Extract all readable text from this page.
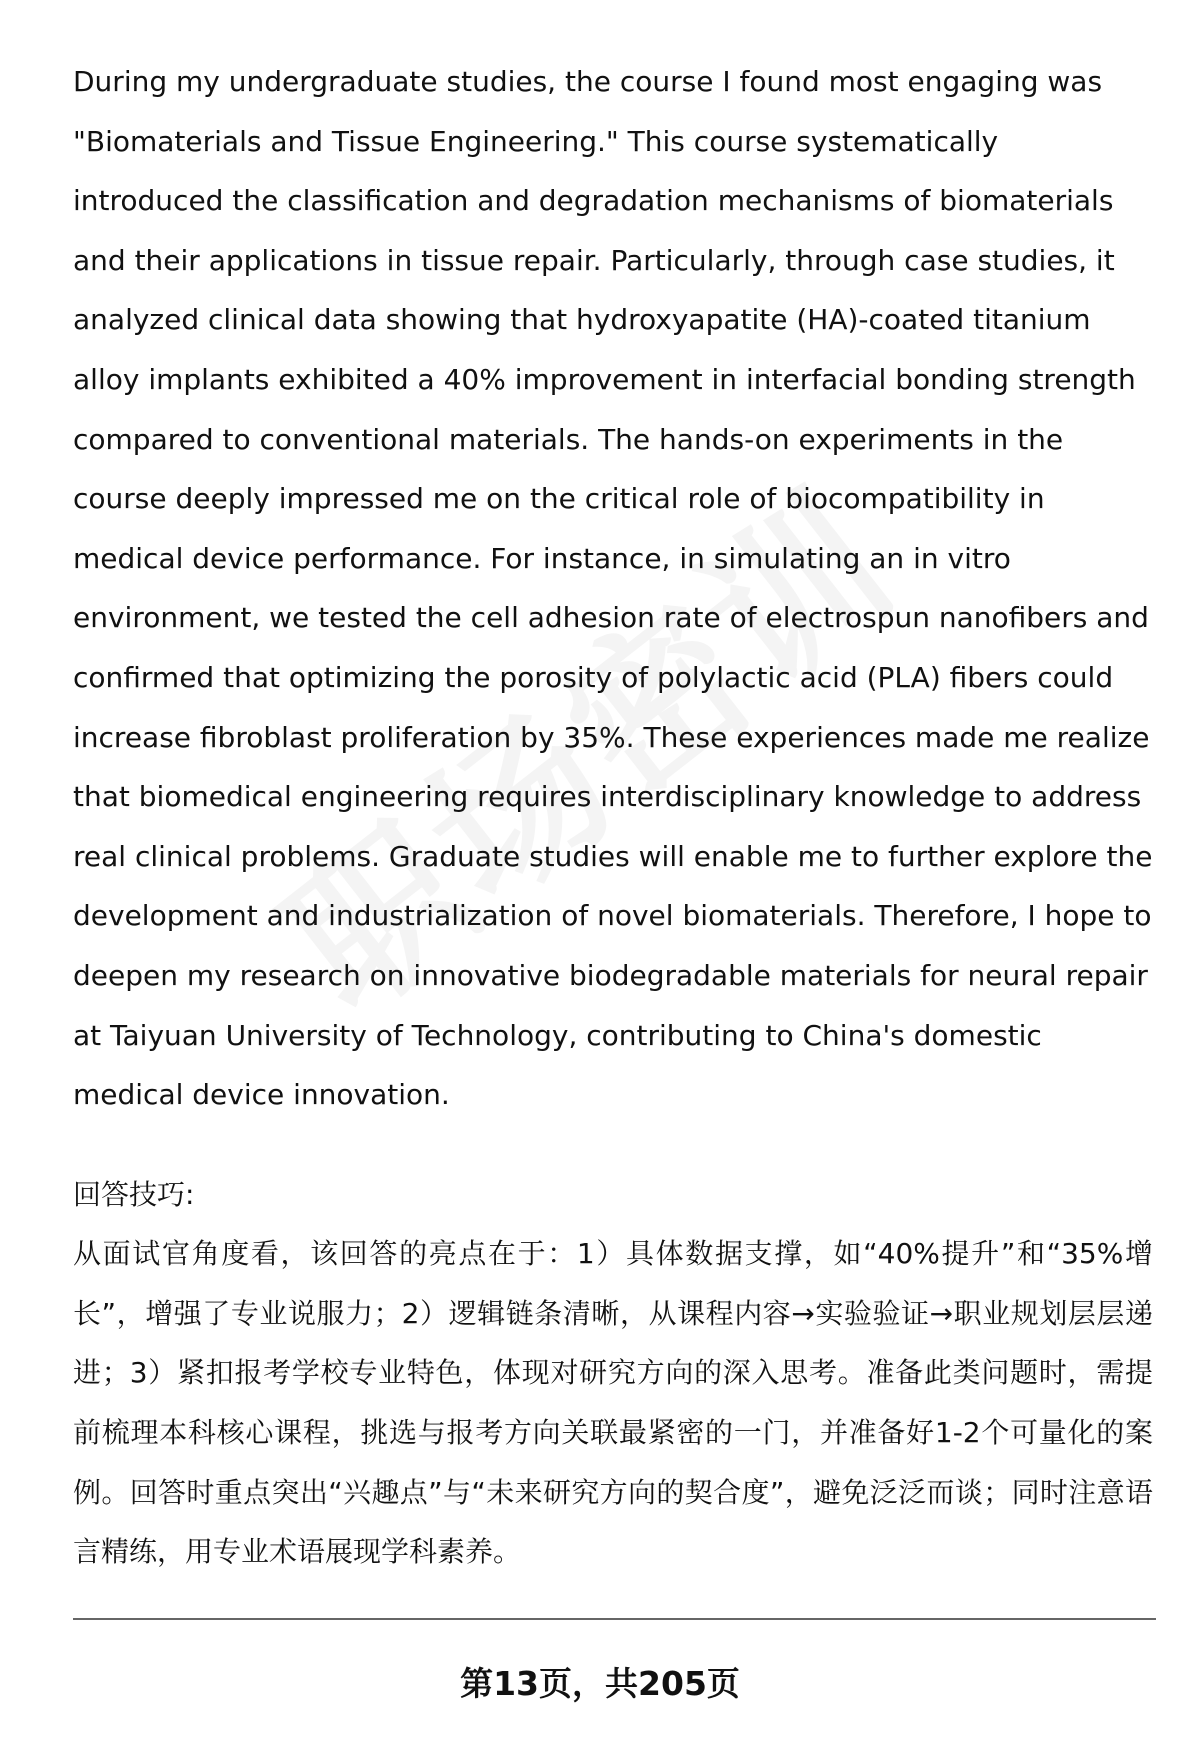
During my undergraduate studies, the course I found most engaging was "Biomaterials and Tissue Engineering." This course systematically introduced the classification and degradation mechanisms of biomaterials and their applications in tissue repair. Particularly, through case studies, it analyzed clinical data showing that hydroxyapatite (HA)-coated titanium alloy implants exhibited a 40% improvement in interfacial bonding strength compared to conventional materials. The hands-on experiments in the course deeply impressed me on the critical role of biocompatibility in medical device performance. For instance, in simulating an in vitro environment, we tested the cell adhesion rate of electrospun nanofibers and confirmed that optimizing the porosity of polylactic acid (PLA) fibers could increase fibroblast proliferation by 35%. These experiences made me realize that biomedical engineering requires interdisciplinary knowledge to address real clinical problems. Graduate studies will enable me to further explore the development and industrialization of novel biomaterials. Therefore, I hope to deepen my research on innovative biodegradable materials for neural repair at Taiyuan University of Technology, contributing to China's domestic medical device innovation.

回答技巧:

从面试官角度看，该回答的亮点在于：1）具体数据支撑，如“40%提升”和“35%增长”，增强了专业说服力；2）逻辑链条清晰，从课程内容→实验验证→职业规划层层递进；3）紧扣报考学校专业特色，体现对研究方向的深入思考。准备此类问题时，需提前梳理本科核心课程，挑选与报考方向关联最紧密的一门，并准备好1-2个可量化的案例。回答时重点突出“兴趣点”与“未来研究方向的契合度”，避免泛泛而谈；同时注意语言精练，用专业术语展现学科素养。

第13页，共205页
